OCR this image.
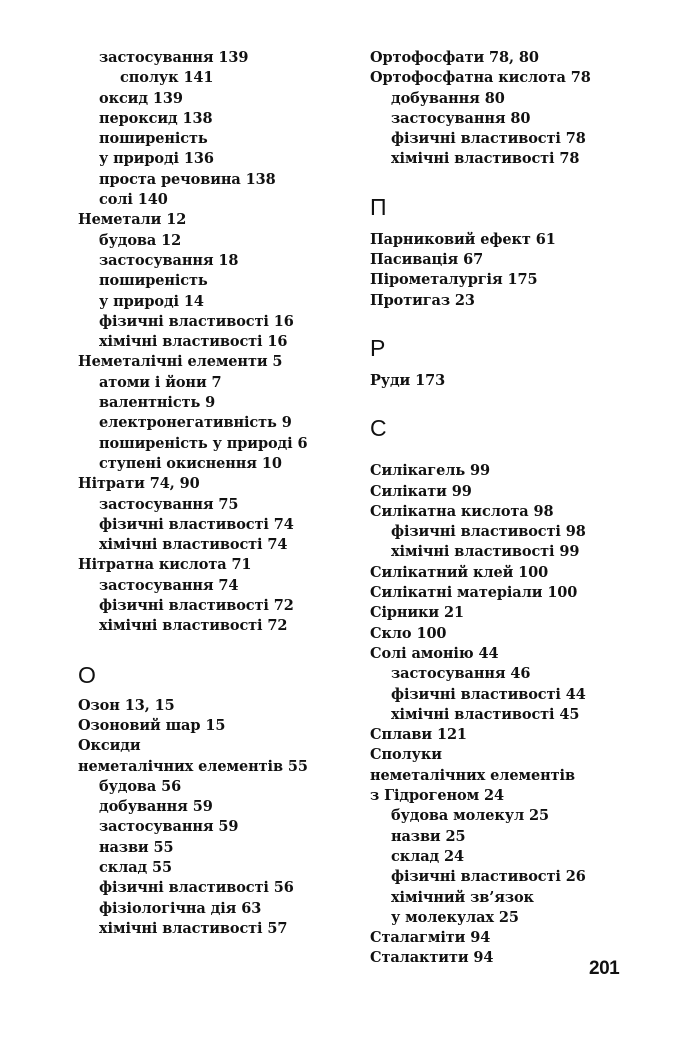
застосування 139
сполук 141
оксид 139
пероксид 138
поширеність
у природі 136
проста речовина 138
солі 140
Неметали 12
будова 12
застосування 18
поширеність
у природі 14
фізичні властивості 16
хімічні властивості 16
Неметалічні елементи 5
атоми і йони 7
валентність 9
електронегативність 9
поширеність у природі 6
ступені окиснення 10
Нітрати 74, 90
застосування 75
фізичні властивості 74
хімічні властивості 74
Нітратна кислота 71
застосування 74
фізичні властивості 72
хімічні властивості 72
О
Озон 13, 15
Озоновий шар 15
Оксиди
неметалічних елементів 55
будова 56
добування 59
застосування 59
назви 55
склад 55
фізичні властивості 56
фізіологічна дія 63
хімічні властивості 57
Ортофосфати 78, 80
Ортофосфатна кислота 78
добування 80
застосування 80
фізичні властивості 78
хімічні властивості 78
П
Парниковий ефект 61
Пасивація 67
Пірометалургія 175
Протигаз 23
Р
Руди 173
С
Силікагель 99
Силікати 99
Силікатна кислота 98
фізичні властивості 98
хімічні властивості 99
Силікатний клей 100
Силікатні матеріали 100
Сірники 21
Скло 100
Солі амонію 44
застосування 46
фізичні властивості 44
хімічні властивості 45
Сплави 121
Сполуки
неметалічних елементів
з Гідрогеном 24
будова молекул 25
назви 25
склад 24
фізичні властивості 26
хімічний зв’язок
у молекулах 25
Сталагміти 94
Сталактити 94
201
